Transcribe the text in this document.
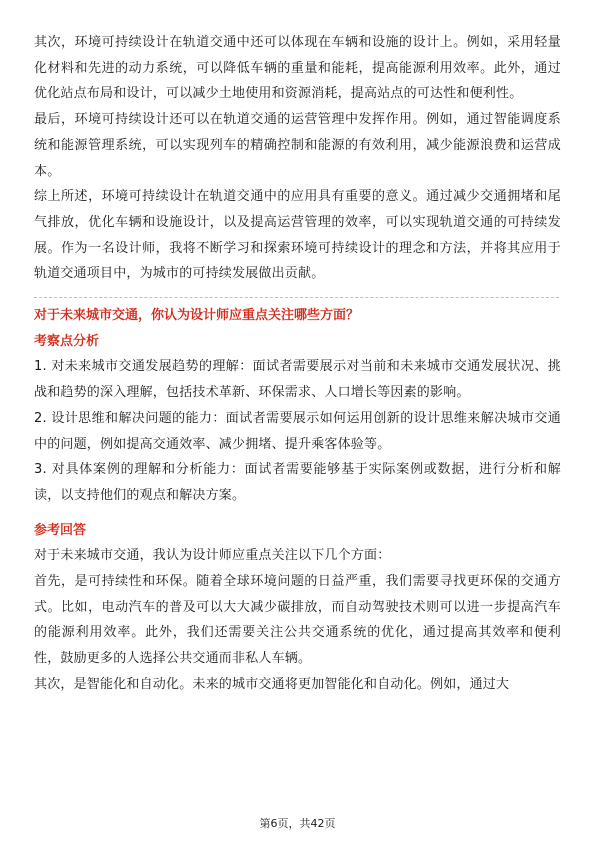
其次，环境可持续设计在轨道交通中还可以体现在车辆和设施的设计上。例如，采用轻量化材料和先进的动力系统，可以降低车辆的重量和能耗，提高能源利用效率。此外，通过优化站点布局和设计，可以减少土地使用和资源消耗，提高站点的可达性和便利性。

最后，环境可持续设计还可以在轨道交通的运营管理中发挥作用。例如，通过智能调度系统和能源管理系统，可以实现列车的精确控制和能源的有效利用，减少能源浪费和运营成本。

综上所述，环境可持续设计在轨道交通中的应用具有重要的意义。通过减少交通拥堵和尾气排放，优化车辆和设施设计，以及提高运营管理的效率，可以实现轨道交通的可持续发展。作为一名设计师，我将不断学习和探索环境可持续设计的理念和方法，并将其应用于轨道交通项目中，为城市的可持续发展做出贡献。

对于未来城市交通，你认为设计师应重点关注哪些方面？

考察点分析

1. 对未来城市交通发展趋势的理解：面试者需要展示对当前和未来城市交通发展状况、挑战和趋势的深入理解，包括技术革新、环保需求、人口增长等因素的影响。

2. 设计思维和解决问题的能力：面试者需要展示如何运用创新的设计思维来解决城市交通中的问题，例如提高交通效率、减少拥堵、提升乘客体验等。

3. 对具体案例的理解和分析能力：面试者需要能够基于实际案例或数据，进行分析和解读，以支持他们的观点和解决方案。

参考回答

对于未来城市交通，我认为设计师应重点关注以下几个方面：

首先，是可持续性和环保。随着全球环境问题的日益严重，我们需要寻找更环保的交通方式。比如，电动汽车的普及可以大大减少碳排放，而自动驾驶技术则可以进一步提高汽车的能源利用效率。此外，我们还需要关注公共交通系统的优化，通过提高其效率和便利性，鼓励更多的人选择公共交通而非私人车辆。

其次，是智能化和自动化。未来的城市交通将更加智能化和自动化。例如，通过大

第6页，共42页
